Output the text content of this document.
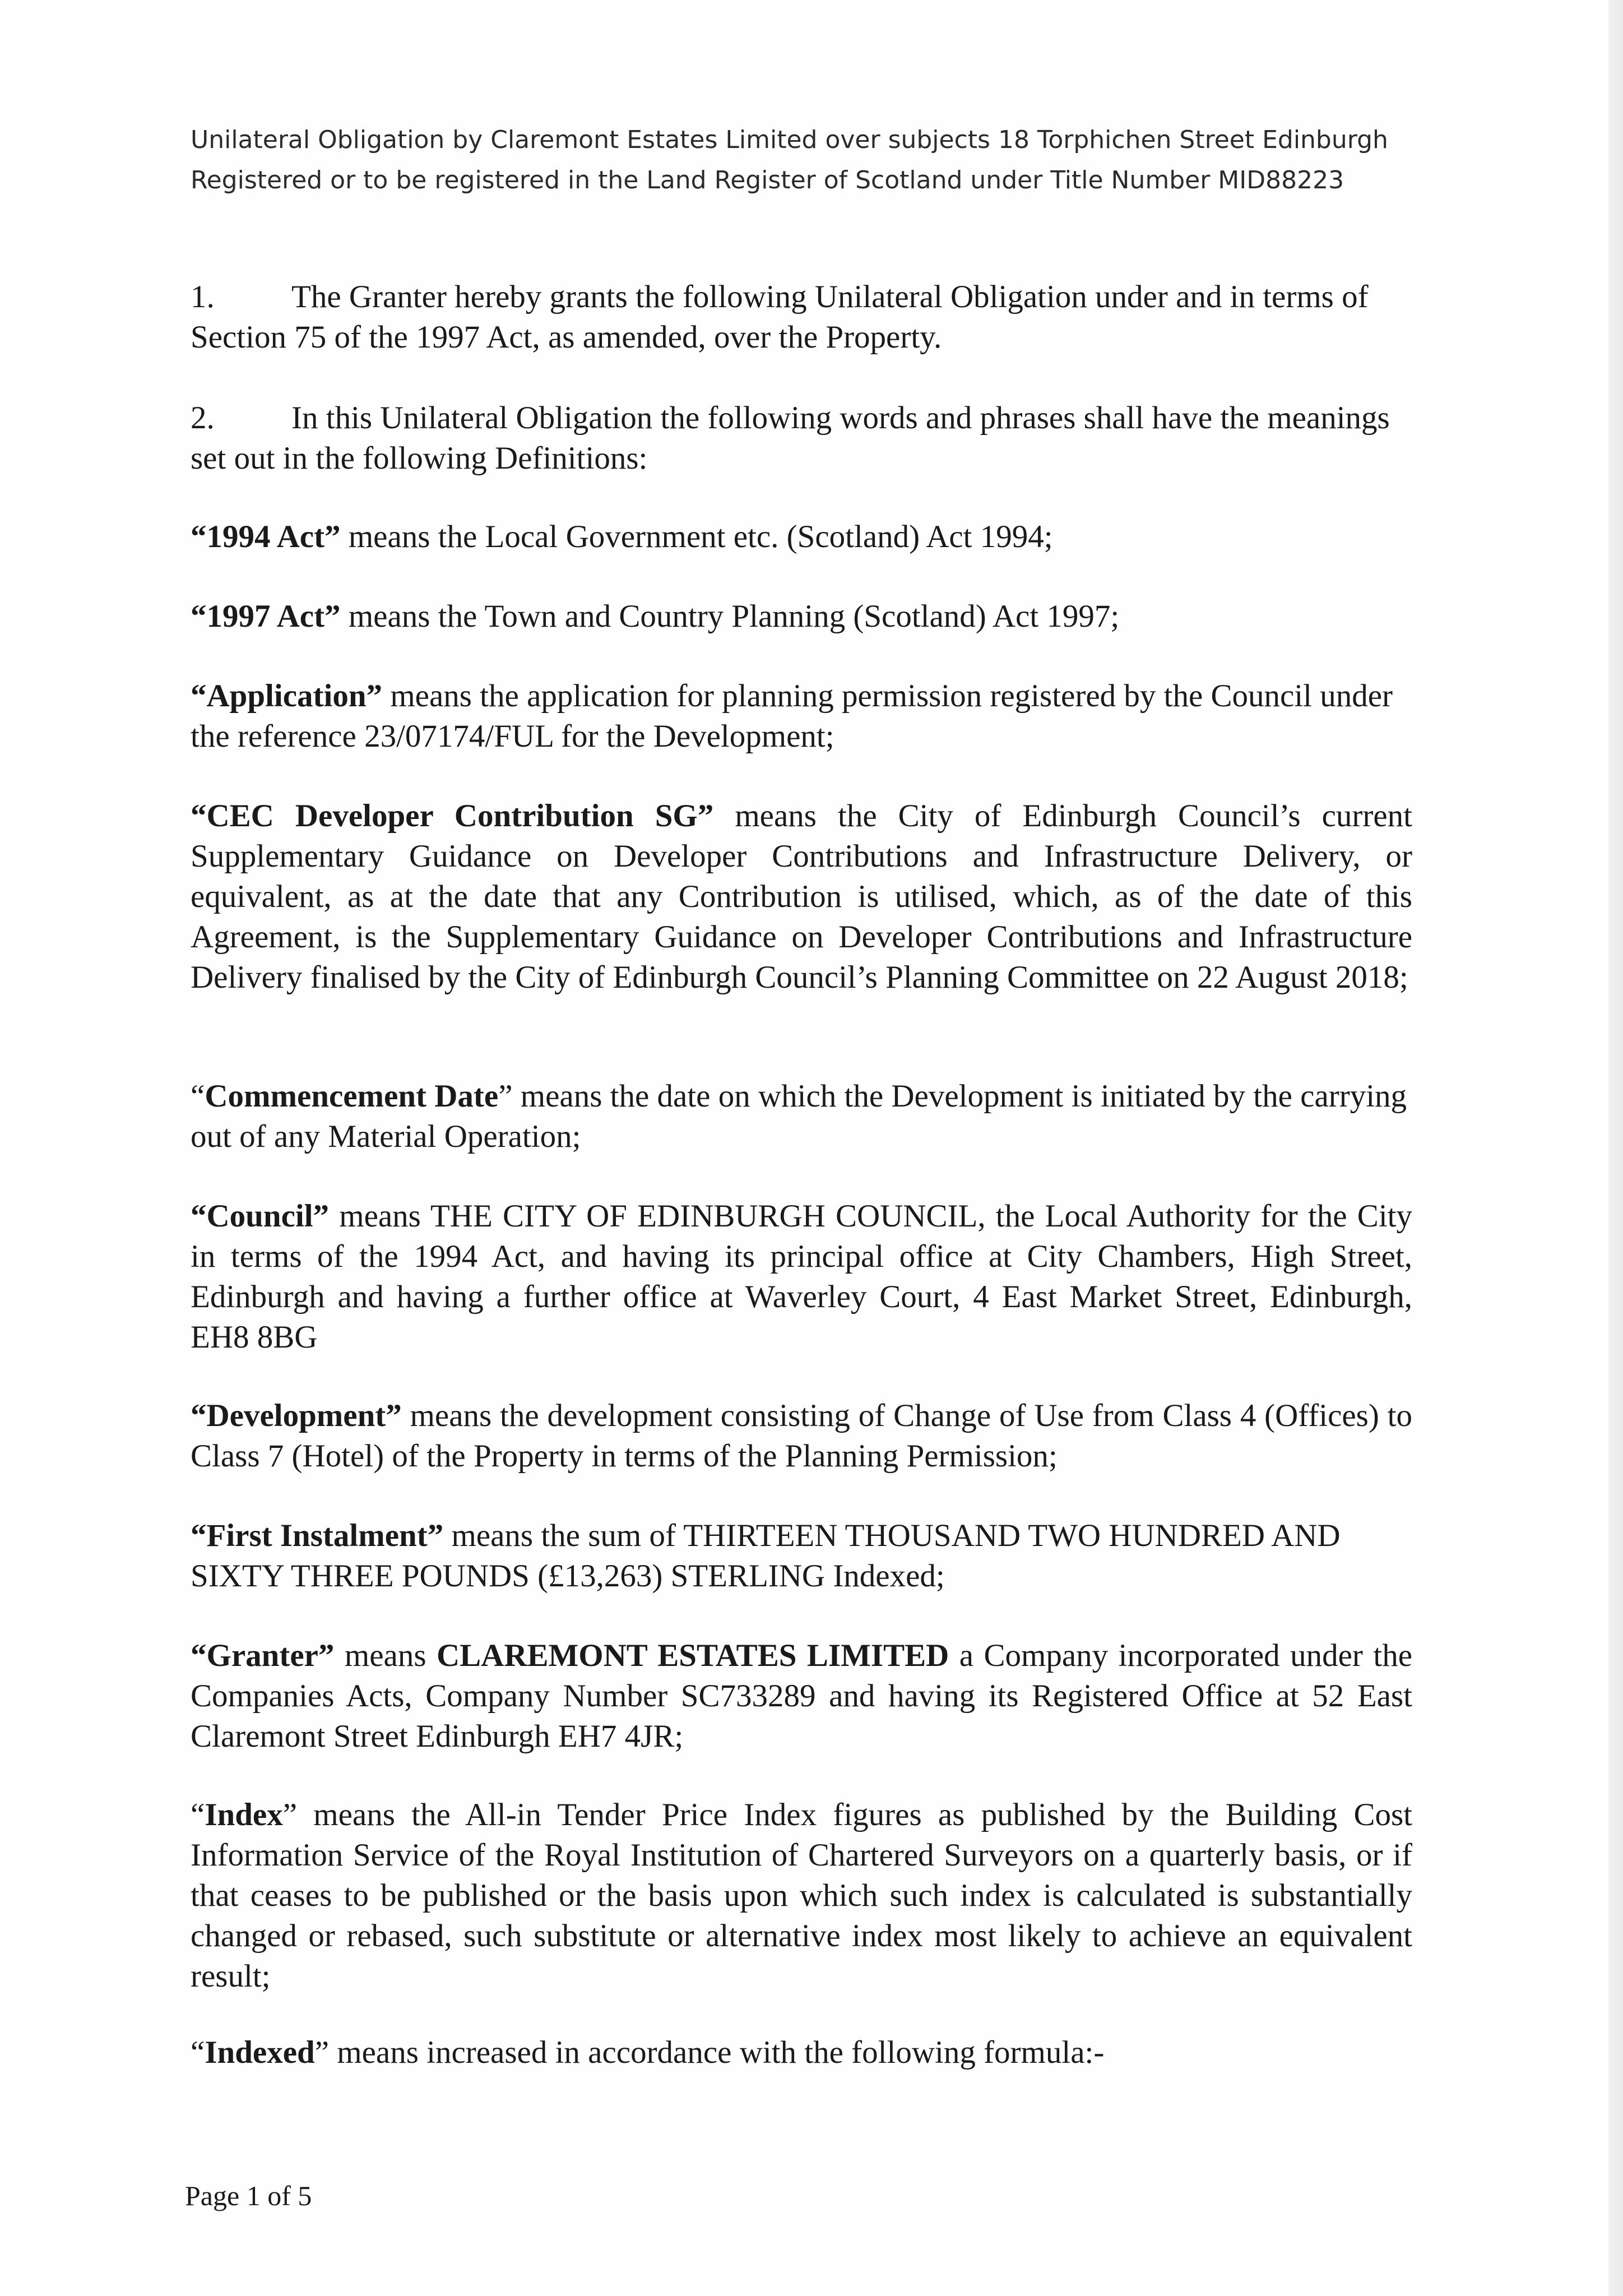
Unilateral Obligation by Claremont Estates Limited over subjects 18 Torphichen Street Edinburgh Registered or to be registered in the Land Register of Scotland under Title Number MID88223

1. The Granter hereby grants the following Unilateral Obligation under and in terms of Section 75 of the 1997 Act, as amended, over the Property.

2. In this Unilateral Obligation the following words and phrases shall have the meanings set out in the following Definitions:

“1994 Act” means the Local Government etc. (Scotland) Act 1994;

“1997 Act” means the Town and Country Planning (Scotland) Act 1997;

“Application” means the application for planning permission registered by the Council under the reference 23/07174/FUL for the Development;

“CEC Developer Contribution SG” means the City of Edinburgh Council’s current Supplementary Guidance on Developer Contributions and Infrastructure Delivery, or equivalent, as at the date that any Contribution is utilised, which, as of the date of this Agreement, is the Supplementary Guidance on Developer Contributions and Infrastructure Delivery finalised by the City of Edinburgh Council’s Planning Committee on 22 August 2018;

“Commencement Date” means the date on which the Development is initiated by the carrying out of any Material Operation;

“Council” means THE CITY OF EDINBURGH COUNCIL, the Local Authority for the City in terms of the 1994 Act, and having its principal office at City Chambers, High Street, Edinburgh and having a further office at Waverley Court, 4 East Market Street, Edinburgh, EH8 8BG

“Development” means the development consisting of Change of Use from Class 4 (Offices) to Class 7 (Hotel) of the Property in terms of the Planning Permission;

“First Instalment” means the sum of THIRTEEN THOUSAND TWO HUNDRED AND SIXTY THREE POUNDS (£13,263) STERLING Indexed;

“Granter” means CLAREMONT ESTATES LIMITED a Company incorporated under the Companies Acts, Company Number SC733289 and having its Registered Office at 52 East Claremont Street Edinburgh EH7 4JR;

“Index” means the All-in Tender Price Index figures as published by the Building Cost Information Service of the Royal Institution of Chartered Surveyors on a quarterly basis, or if that ceases to be published or the basis upon which such index is calculated is substantially changed or rebased, such substitute or alternative index most likely to achieve an equivalent result;

“Indexed” means increased in accordance with the following formula:-

Page 1 of 5
